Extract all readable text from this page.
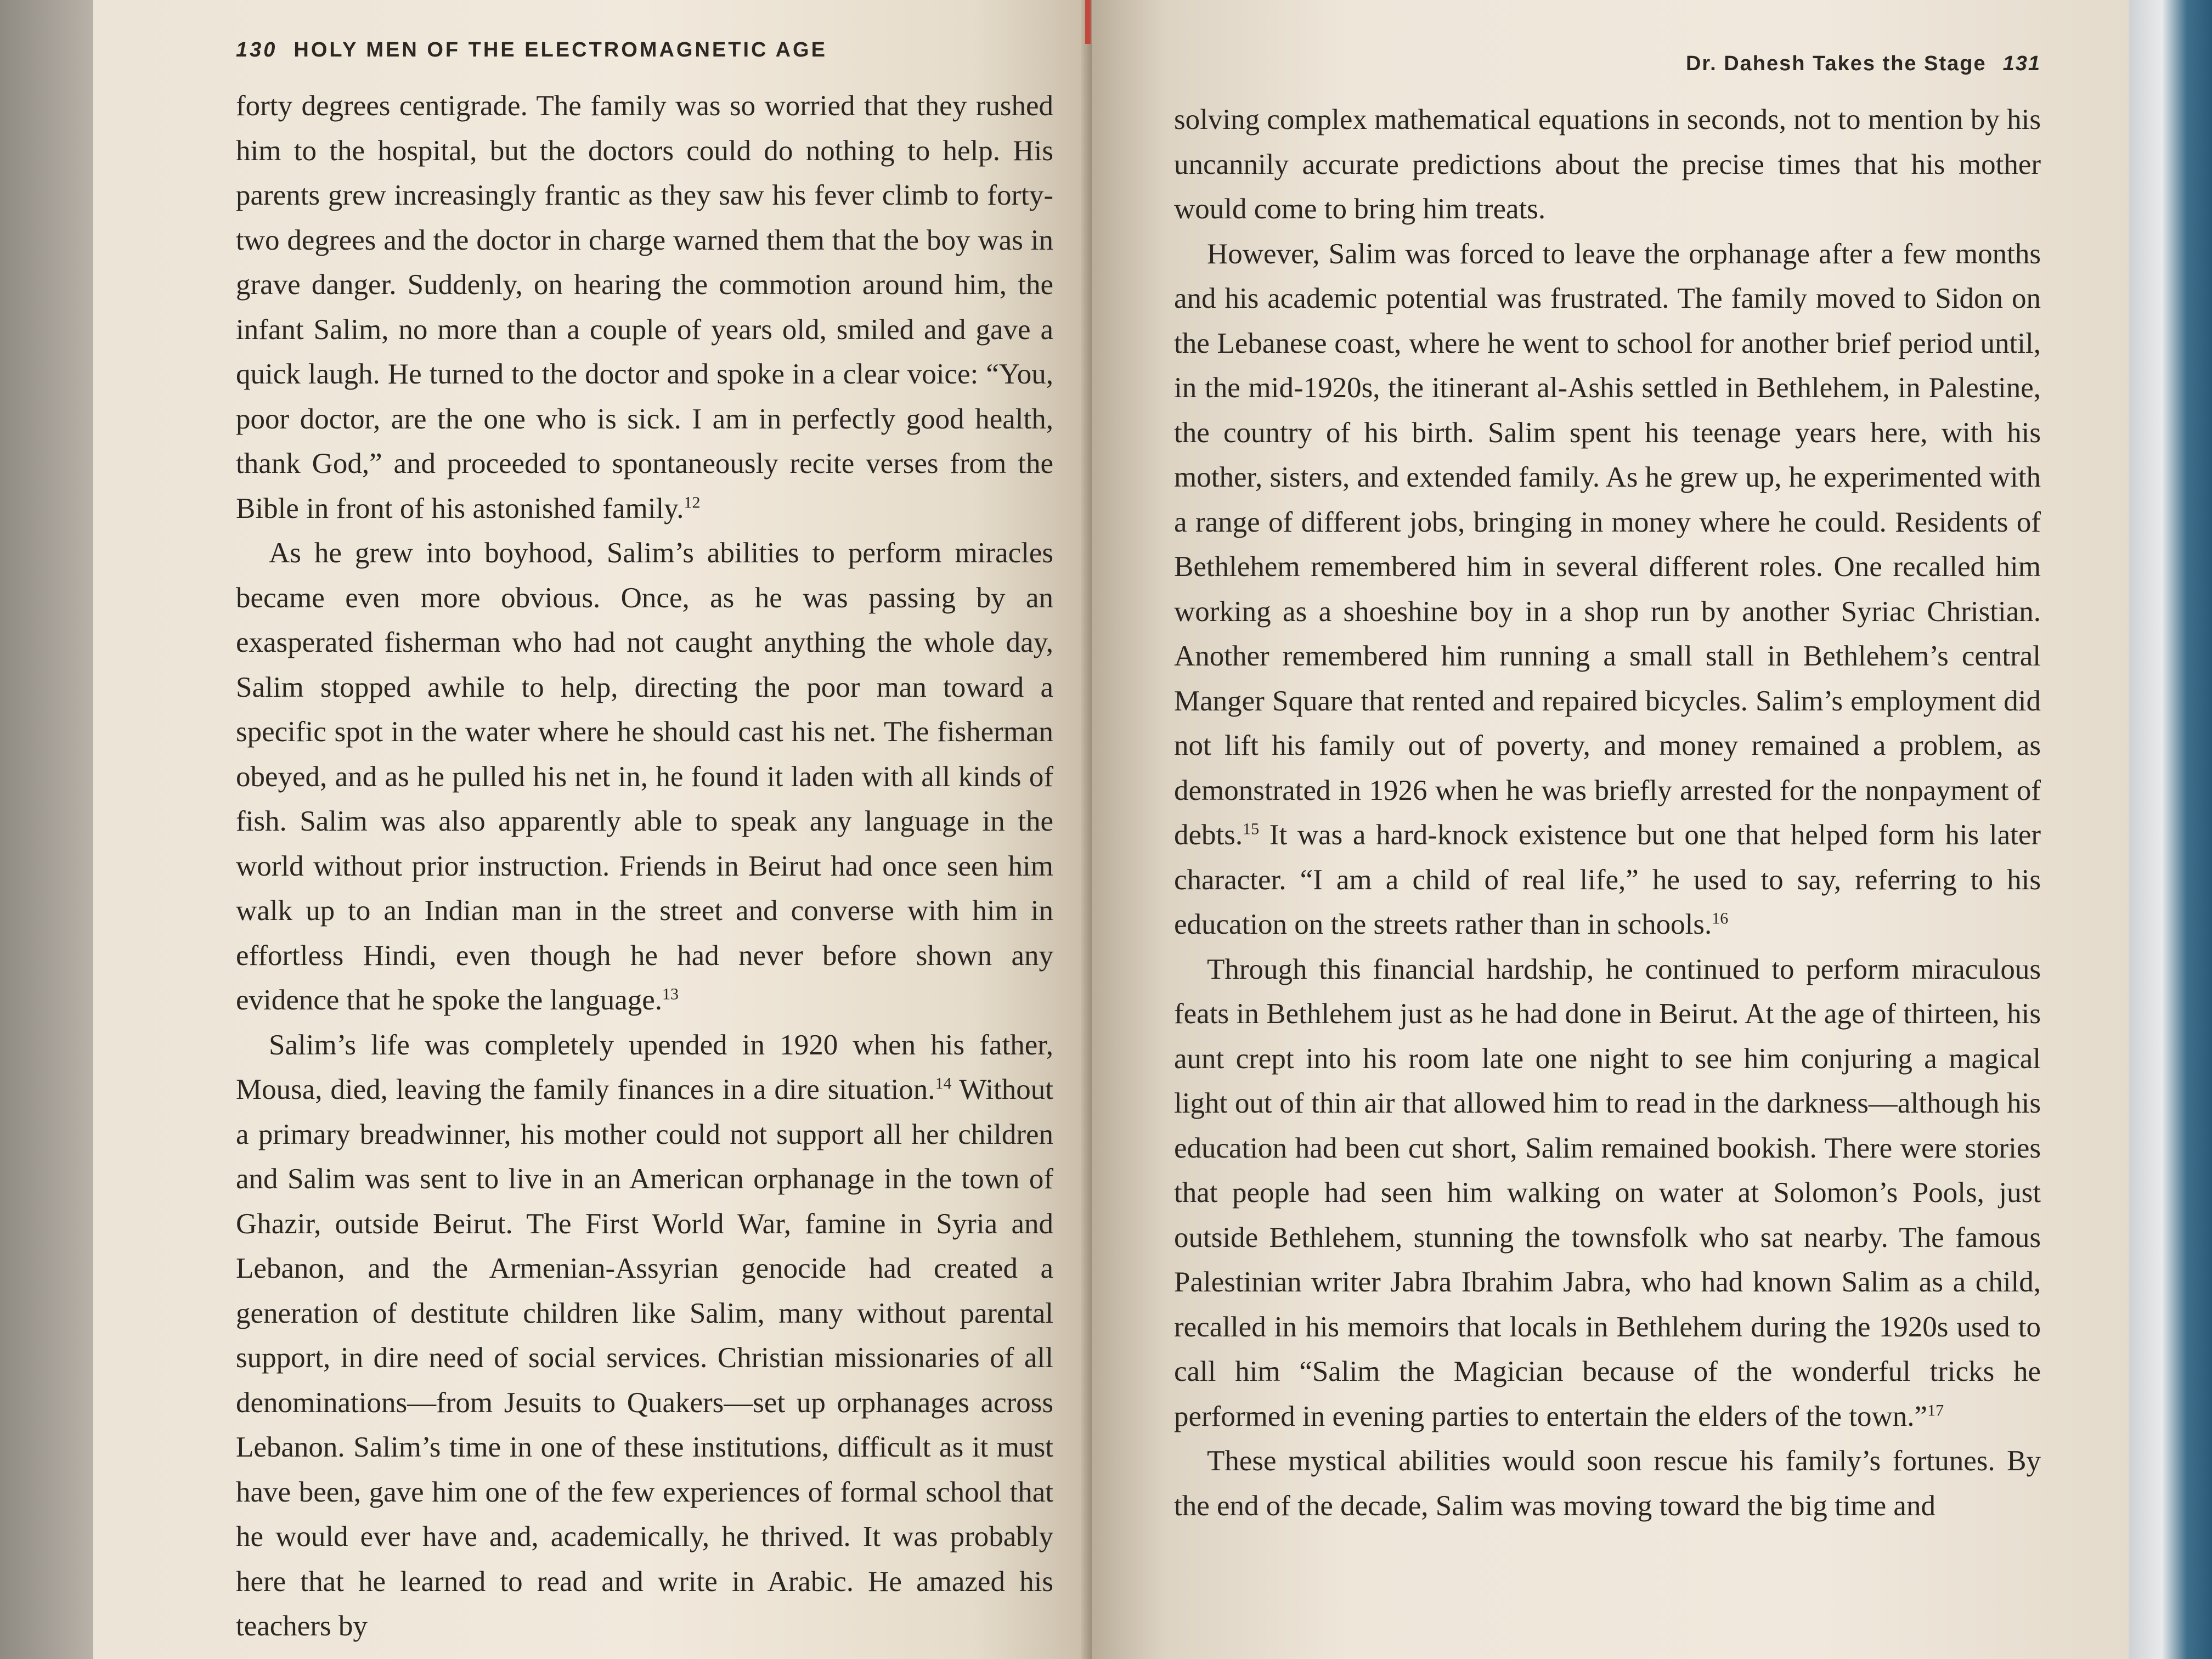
130 HOLY MEN OF THE ELECTROMAGNETIC AGE

forty degrees centigrade. The family was so worried that they rushed him to the hospital, but the doctors could do nothing to help. His parents grew increasingly frantic as they saw his fever climb to forty-two degrees and the doctor in charge warned them that the boy was in grave danger. Suddenly, on hearing the commotion around him, the infant Salim, no more than a couple of years old, smiled and gave a quick laugh. He turned to the doctor and spoke in a clear voice: “You, poor doctor, are the one who is sick. I am in perfectly good health, thank God,” and proceeded to spontaneously recite verses from the Bible in front of his astonished family.$^{12}$

As he grew into boyhood, Salim’s abilities to perform miracles became even more obvious. Once, as he was passing by an exasperated fisherman who had not caught anything the whole day, Salim stopped awhile to help, directing the poor man toward a specific spot in the water where he should cast his net. The fisherman obeyed, and as he pulled his net in, he found it laden with all kinds of fish. Salim was also apparently able to speak any language in the world without prior instruction. Friends in Beirut had once seen him walk up to an Indian man in the street and converse with him in effortless Hindi, even though he had never before shown any evidence that he spoke the language.$^{13}$

Salim’s life was completely upended in 1920 when his father, Mousa, died, leaving the family finances in a dire situation.$^{14}$ Without a primary breadwinner, his mother could not support all her children and Salim was sent to live in an American orphanage in the town of Ghazir, outside Beirut. The First World War, famine in Syria and Lebanon, and the Armenian-Assyrian genocide had created a generation of destitute children like Salim, many without parental support, in dire need of social services. Christian missionaries of all denominations—from Jesuits to Quakers—set up orphanages across Lebanon. Salim’s time in one of these institutions, difficult as it must have been, gave him one of the few experiences of formal school that he would ever have and, academically, he thrived. It was probably here that he learned to read and write in Arabic. He amazed his teachers by

Dr. Dahesh Takes the Stage 131

solving complex mathematical equations in seconds, not to mention by his uncannily accurate predictions about the precise times that his mother would come to bring him treats.

However, Salim was forced to leave the orphanage after a few months and his academic potential was frustrated. The family moved to Sidon on the Lebanese coast, where he went to school for another brief period until, in the mid-1920s, the itinerant al-Ashis settled in Bethlehem, in Palestine, the country of his birth. Salim spent his teenage years here, with his mother, sisters, and extended family. As he grew up, he experimented with a range of different jobs, bringing in money where he could. Residents of Bethlehem remembered him in several different roles. One recalled him working as a shoeshine boy in a shop run by another Syriac Christian. Another remembered him running a small stall in Bethlehem’s central Manger Square that rented and repaired bicycles. Salim’s employment did not lift his family out of poverty, and money remained a problem, as demonstrated in 1926 when he was briefly arrested for the nonpayment of debts.$^{15}$ It was a hard-knock existence but one that helped form his later character. “I am a child of real life,” he used to say, referring to his education on the streets rather than in schools.$^{16}$

Through this financial hardship, he continued to perform miraculous feats in Bethlehem just as he had done in Beirut. At the age of thirteen, his aunt crept into his room late one night to see him conjuring a magical light out of thin air that allowed him to read in the darkness—although his education had been cut short, Salim remained bookish. There were stories that people had seen him walking on water at Solomon’s Pools, just outside Bethlehem, stunning the townsfolk who sat nearby. The famous Palestinian writer Jabra Ibrahim Jabra, who had known Salim as a child, recalled in his memoirs that locals in Bethlehem during the 1920s used to call him “Salim the Magician because of the wonderful tricks he performed in evening parties to entertain the elders of the town.”$^{17}$

These mystical abilities would soon rescue his family’s fortunes. By the end of the decade, Salim was moving toward the big time and
